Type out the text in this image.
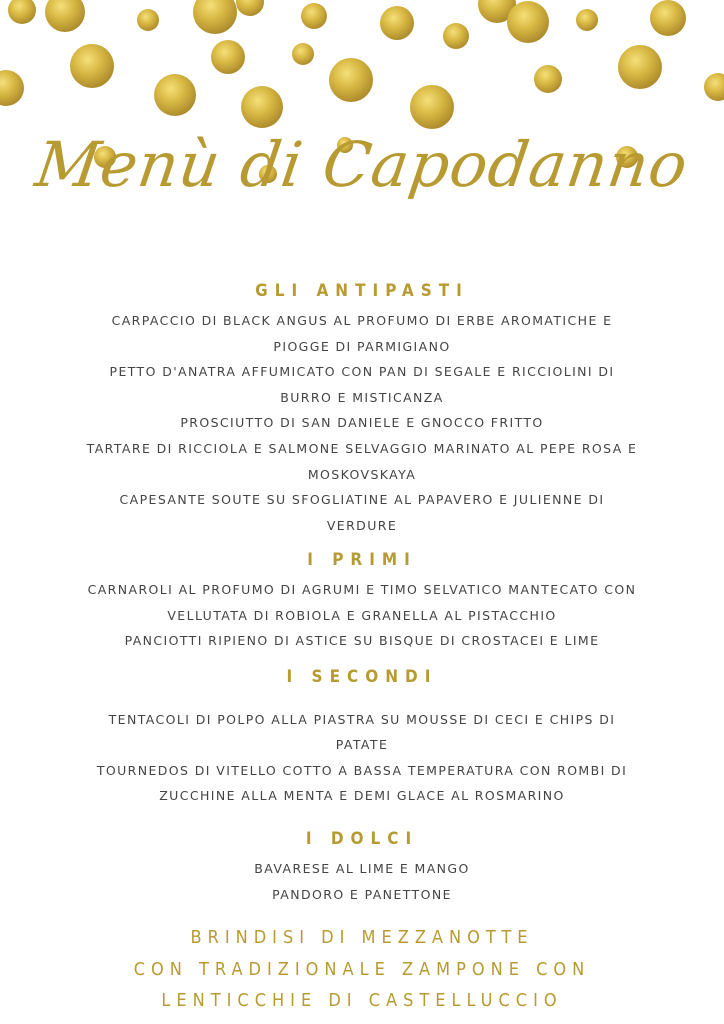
Menù di Capodanno
GLI ANTIPASTI
CARPACCIO DI BLACK ANGUS AL PROFUMO DI ERBE AROMATICHE E
PIOGGE DI PARMIGIANO
PETTO D'ANATRA AFFUMICATO CON PAN DI SEGALE E RICCIOLINI DI
BURRO E MISTICANZA
PROSCIUTTO DI SAN DANIELE E GNOCCO FRITTO
TARTARE DI RICCIOLA E SALMONE SELVAGGIO MARINATO AL PEPE ROSA E
MOSKOVSKAYA
CAPESANTE SOUTE SU SFOGLIATINE AL PAPAVERO E JULIENNE DI
VERDURE
I PRIMI
CARNAROLI AL PROFUMO DI AGRUMI E TIMO SELVATICO MANTECATO CON
VELLUTATA DI ROBIOLA E GRANELLA AL PISTACCHIO
PANCIOTTI RIPIENO DI ASTICE SU BISQUE DI CROSTACEI E LIME
I SECONDI
TENTACOLI DI POLPO ALLA PIASTRA SU MOUSSE DI CECI E CHIPS DI
PATATE
TOURNEDOS DI VITELLO COTTO A BASSA TEMPERATURA CON ROMBI DI
ZUCCHINE ALLA MENTA E DEMI GLACE AL ROSMARINO
I DOLCI
BAVARESE AL LIME E MANGO
PANDORO E PANETTONE
BRINDISI DI MEZZANOTTE
CON TRADIZIONALE ZAMPONE CON
LENTICCHIE DI CASTELLUCCIO
